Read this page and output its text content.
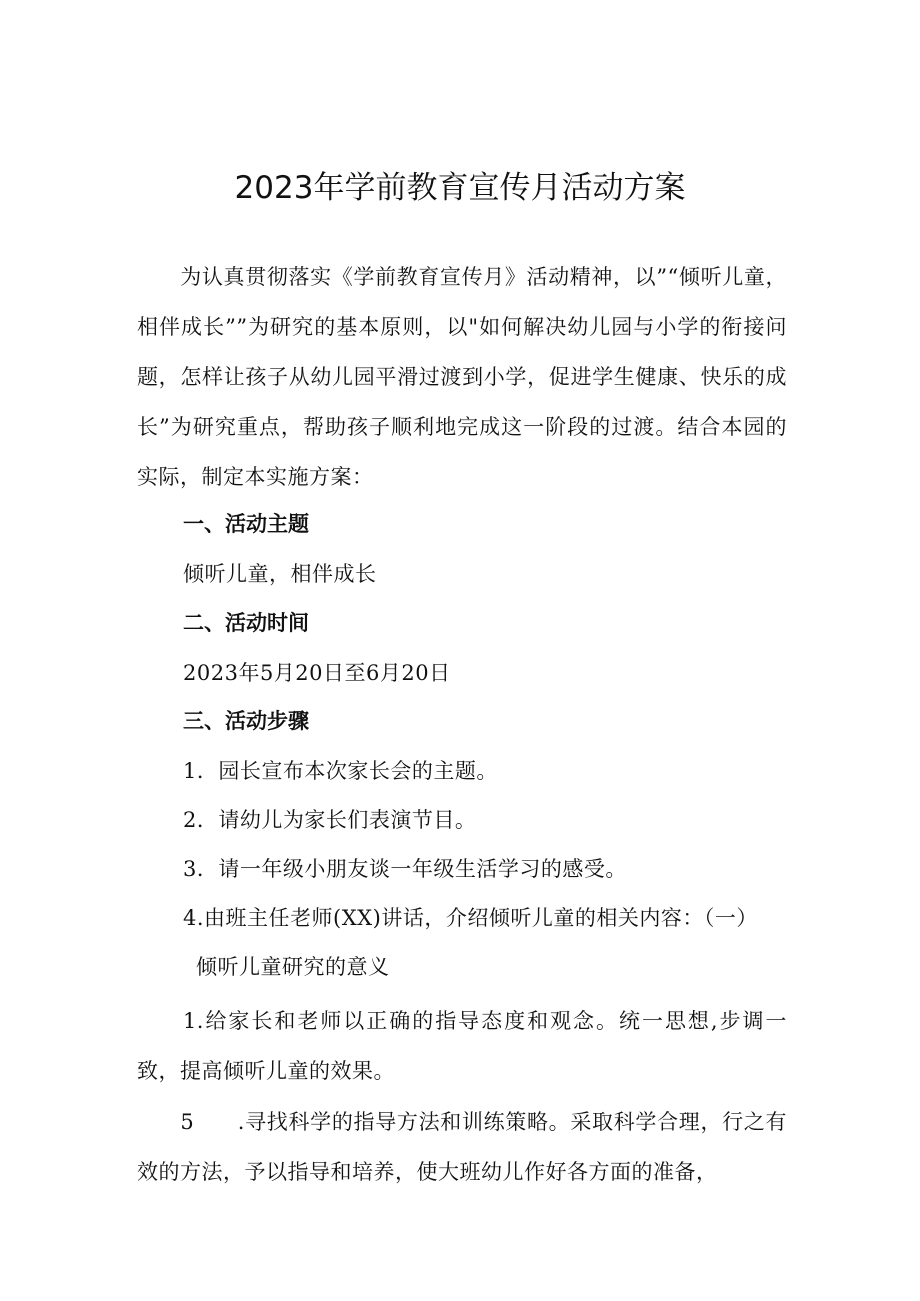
2023年学前教育宣传月活动方案
　　为认真贯彻落实《学前教育宣传月》活动精神，以”“倾听儿童，相伴成长””为研究的基本原则，以"如何解决幼儿园与小学的衔接问题，怎样让孩子从幼儿园平滑过渡到小学，促进学生健康、快乐的成长”为研究重点，帮助孩子顺利地完成这一阶段的过渡。结合本园的实际，制定本实施方案：
一、活动主题
倾听儿童，相伴成长
二、活动时间
2023年5月20日至6月20日
三、活动步骤
1．园长宣布本次家长会的主题。
2．请幼儿为家长们表演节目。
3．请一年级小朋友谈一年级生活学习的感受。
4.由班主任老师(XX)讲话，介绍倾听儿童的相关内容：（一）
倾听儿童研究的意义
　　1.给家长和老师以正确的指导态度和观念。统一思想,步调一致，提高倾听儿童的效果。
　　5　　.寻找科学的指导方法和训练策略。采取科学合理，行之有效的方法，予以指导和培养，使大班幼儿作好各方面的准备，
